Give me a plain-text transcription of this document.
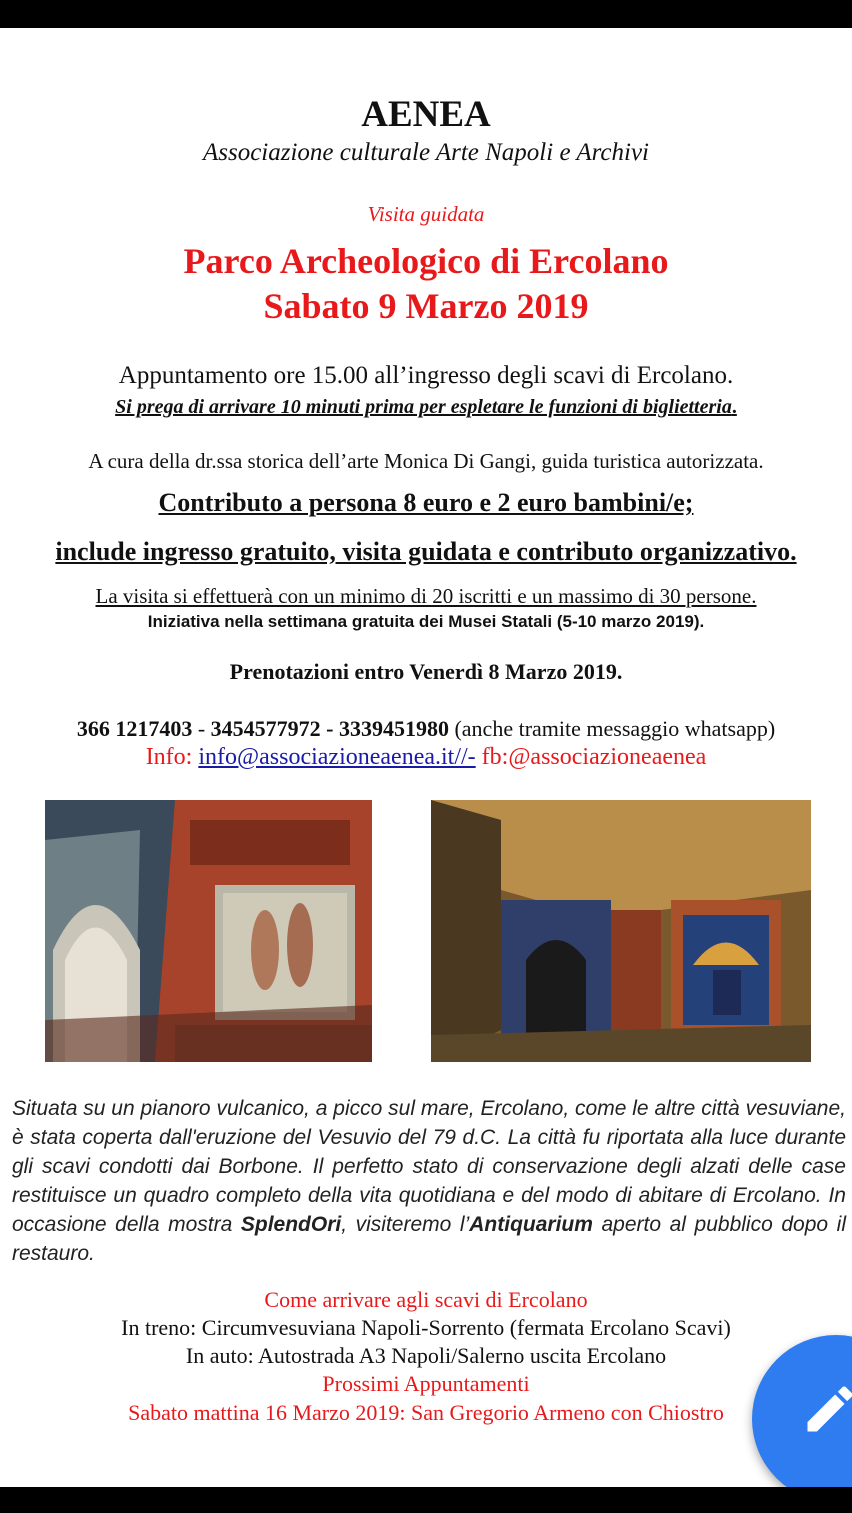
AENEA
Associazione culturale Arte Napoli e Archivi
Visita guidata
Parco Archeologico di Ercolano
Sabato 9 Marzo 2019
Appuntamento ore 15.00 all’ingresso degli scavi di Ercolano.
Si prega di arrivare 10 minuti prima per espletare le funzioni di biglietteria.
A cura della dr.ssa storica dell’arte Monica Di Gangi, guida turistica autorizzata.
Contributo a persona 8 euro e 2 euro bambini/e;
include ingresso gratuito, visita guidata e contributo organizzativo.
La visita si effettuerà con un minimo di 20 iscritti e un massimo di 30 persone.
Iniziativa nella settimana gratuita dei Musei Statali (5-10 marzo 2019).
Prenotazioni entro Venerdì 8 Marzo 2019.
366 1217403 - 3454577972 - 3339451980 (anche tramite messaggio whatsapp)
Info: info@associazioneaenea.it//- fb:@associazioneaenea
Situata su un pianoro vulcanico, a picco sul mare, Ercolano, come le altre città vesuviane, è stata coperta dall'eruzione del Vesuvio del 79 d.C. La città fu riportata alla luce durante gli scavi condotti dai Borbone. Il perfetto stato di conservazione degli alzati delle case restituisce un quadro completo della vita quotidiana e del modo di abitare di Ercolano. In occasione della mostra SplendOri, visiteremo l’Antiquarium aperto al pubblico dopo il restauro.
Come arrivare agli scavi di Ercolano
In treno: Circumvesuviana Napoli-Sorrento (fermata Ercolano Scavi)
In auto: Autostrada A3 Napoli/Salerno uscita Ercolano
Prossimi Appuntamenti
Sabato mattina 16 Marzo 2019: San Gregorio Armeno con Chiostro
